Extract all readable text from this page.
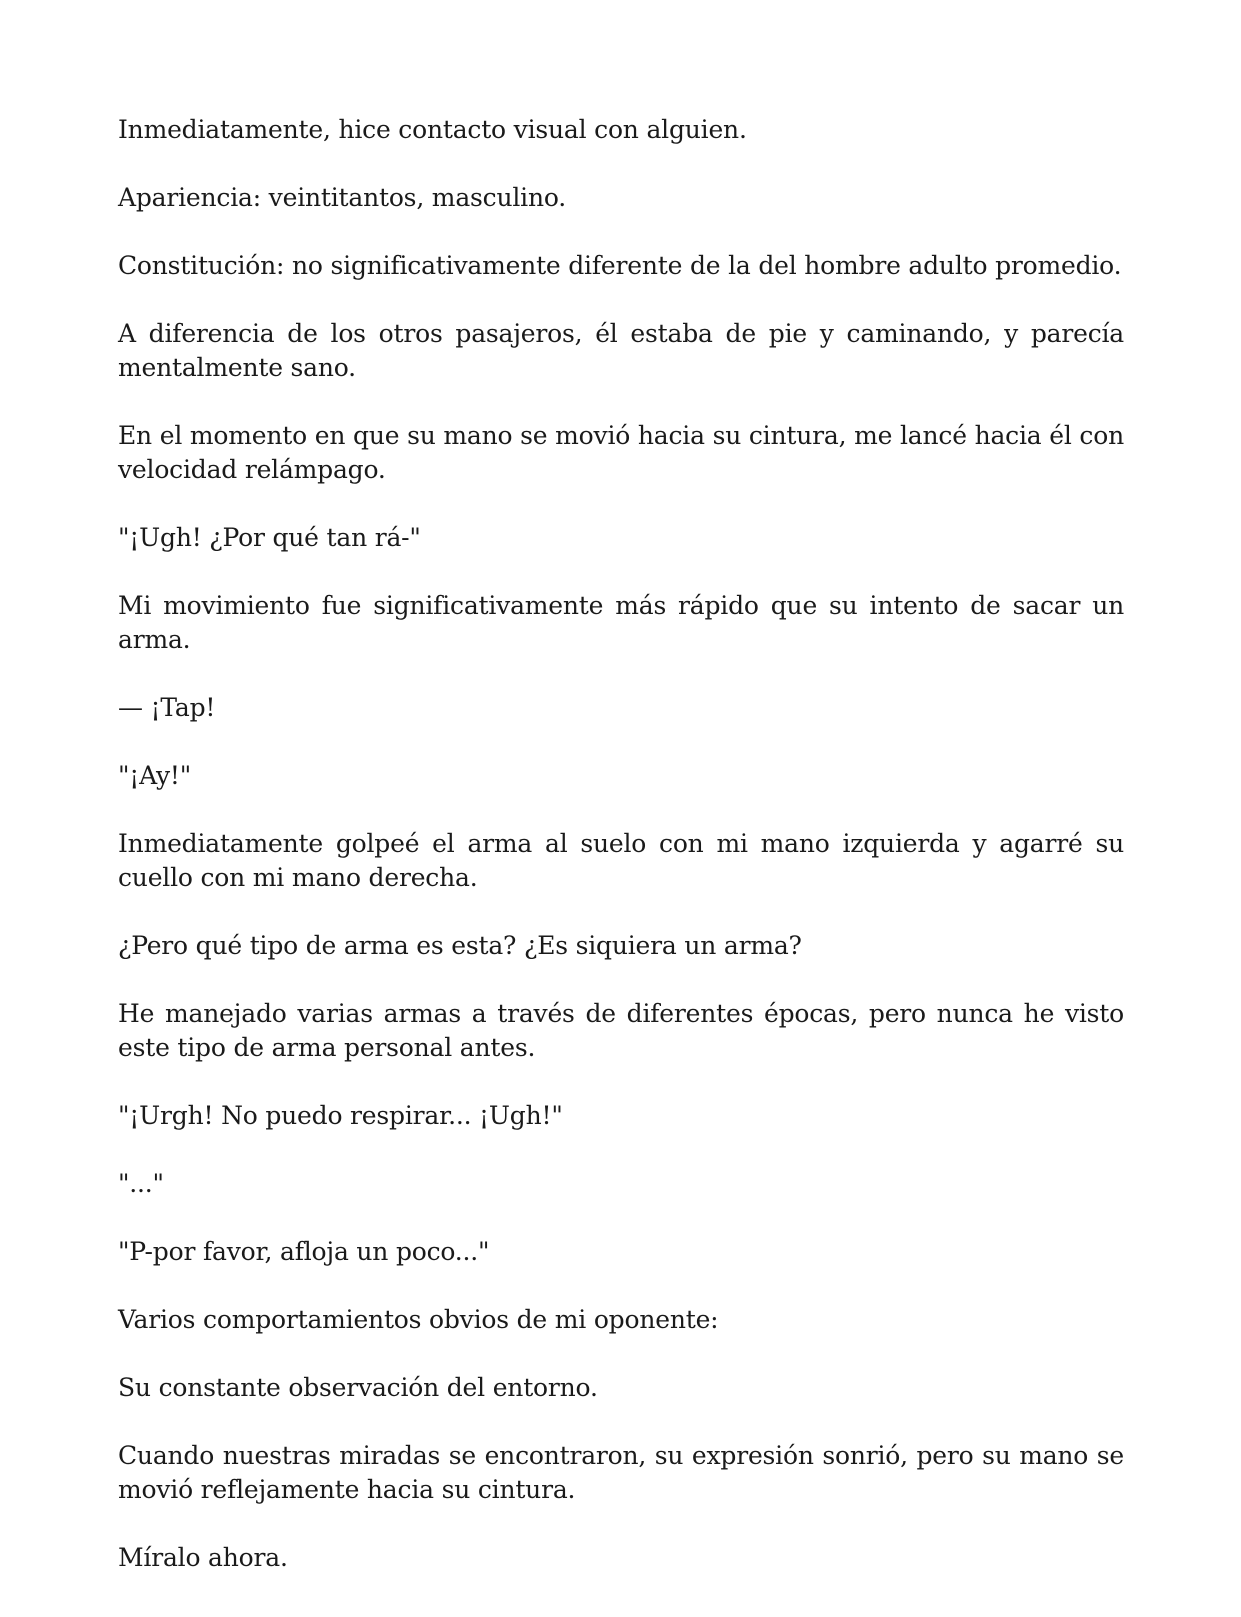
Inmediatamente, hice contacto visual con alguien.

Apariencia: veintitantos, masculino.

Constitución: no significativamente diferente de la del hombre adulto promedio.

A diferencia de los otros pasajeros, él estaba de pie y caminando, y parecía mentalmente sano.

En el momento en que su mano se movió hacia su cintura, me lancé hacia él con velocidad relámpago.

"¡Ugh! ¿Por qué tan rá-"

Mi movimiento fue significativamente más rápido que su intento de sacar un arma.

— ¡Tap!

"¡Ay!"

Inmediatamente golpeé el arma al suelo con mi mano izquierda y agarré su cuello con mi mano derecha.

¿Pero qué tipo de arma es esta? ¿Es siquiera un arma?

He manejado varias armas a través de diferentes épocas, pero nunca he visto este tipo de arma personal antes.

"¡Urgh! No puedo respirar... ¡Ugh!"

"..."

"P-por favor, afloja un poco..."

Varios comportamientos obvios de mi oponente:

Su constante observación del entorno.

Cuando nuestras miradas se encontraron, su expresión sonrió, pero su mano se movió reflejamente hacia su cintura.

Míralo ahora.
